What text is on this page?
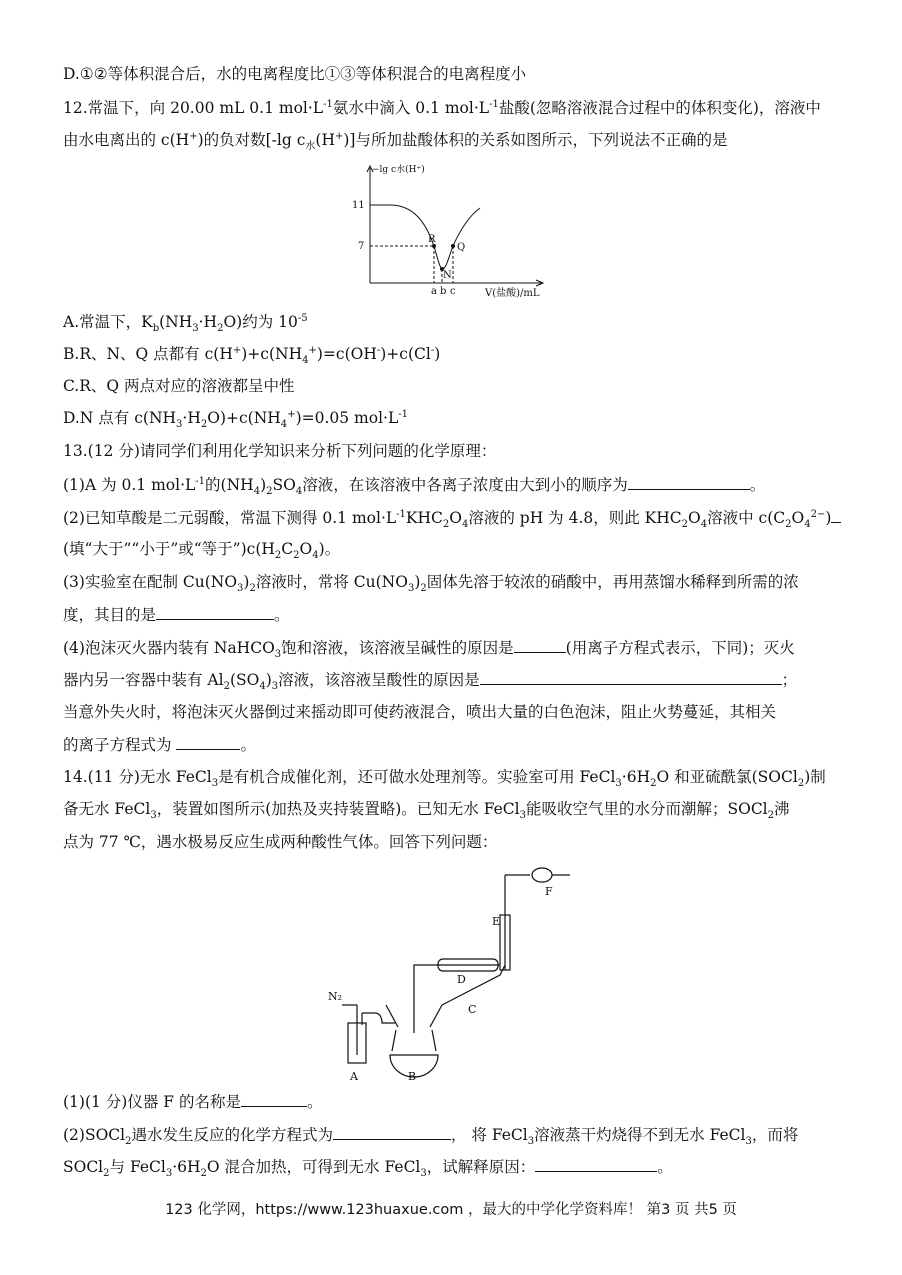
D.①②等体积混合后，水的电离程度比①③等体积混合的电离程度小
12.常温下，向 20.00 mL 0.1 $mol\cdot L^{-1}$氨水中滴入 0.1 $mol\cdot L^{-1}$盐酸(忽略溶液混合过程中的体积变化)，溶液中
由水电离出的 c(H+)的负对数[-lg $c_水(H^+)$]与所加盐酸体积的关系如图所示，下列说法不正确的是
−lg c水(H⁺)
11
7
R
Q
N
a b c	V(盐酸)/mL
A.常温下，$K_b(NH_3\cdot H_2O)$约为 $10^{-5}$
B.R、N、Q 点都有 $c(H^+)+c(NH_4^+)=c(OH^-)+c(Cl^-)$
C.R、Q 两点对应的溶液都呈中性
D.N 点有 $c(NH_3\cdot H_2O)+c(NH_4^+)=0.05$ $mol\cdot L^{-1}$
13.(12 分)请同学们利用化学知识来分析下列问题的化学原理：
(1)A 为 0.1 $mol\cdot L^{-1}$的$(NH_4)_2SO_4$溶液，在该溶液中各离子浓度由大到小的顺序为	。
(2)已知草酸是二元弱酸，常温下测得 0.1 $mol\cdot L^{-1}KHC_2O_4$溶液的 pH 为 4.8，则此 $KHC_2O_4$溶液中 $c(C_2O_4^{2-})$
(填“大于”“小于”或“等于$”)c(H_2C_2O_4)$。
(3)实验室在配制 $Cu(NO_3)_2$溶液时，常将 $Cu(NO_3)_2$固体先溶于较浓的硝酸中，再用蒸馏水稀释到所需的浓
度，其目的是	。
(4)泡沫灭火器内装有 NaHCO$_3$饱和溶液，该溶液呈碱性的原因是	(用离子方程式表示，下同)；灭火
器内另一容器中装有 $Al_2(SO_4)_3$溶液，该溶液呈酸性的原因是	；
当意外失火时，将泡沫灭火器倒过来摇动即可使药液混合，喷出大量的白色泡沫，阻止火势蔓延，其相关
的离子方程式为	。
14.(11 分)无水 FeCl$_3$是有机合成催化剂，还可做水处理剂等。实验室可用 $FeCl_3\cdot 6H_2O$ 和亚硫酰氯(SOCl$_2$)制
备无水 FeCl$_3$，装置如图所示(加热及夹持装置略)。已知无水 FeCl$_3$能吸收空气里的水分而潮解；SOCl$_2$沸
点为 77 ℃，遇水极易反应生成两种酸性气体。回答下列问题：
A	B
C
D
E
F
N₂
(1)(1 分)仪器 F 的名称是	。
(2)SOCl$_2$遇水发生反应的化学方程式为	， 将 FeCl$_3$溶液蒸干灼烧得不到无水 FeCl$_3$，而将
SOCl$_2$与 $FeCl_3\cdot 6H_2O$ 混合加热，可得到无水 FeCl$_3$，试解释原因：	。
123 化学网，https://www.123huaxue.com ，最大的中学化学资料库！ 第3 页 共5 页
